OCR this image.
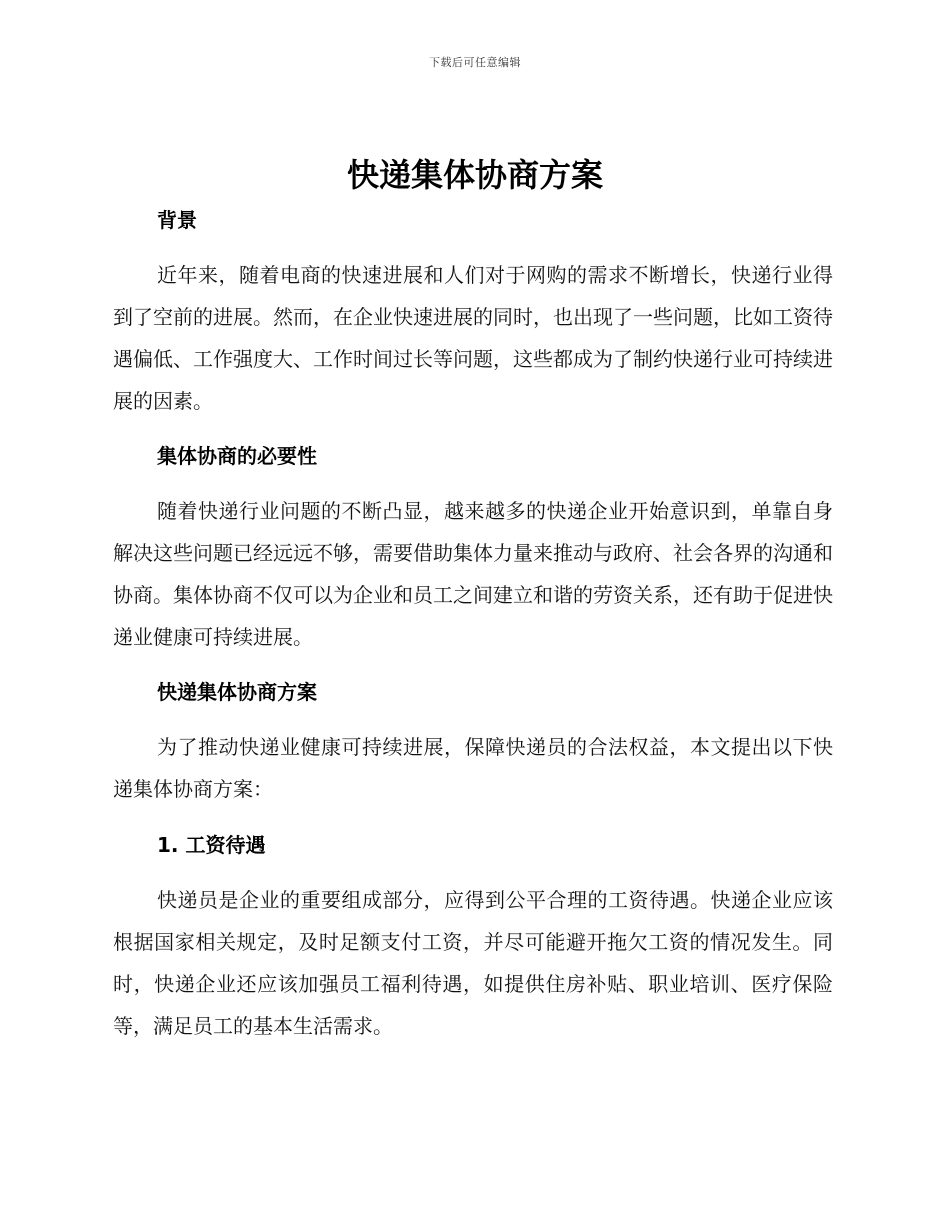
下载后可任意编辑
快递集体协商方案
背景

近年来，随着电商的快速进展和人们对于网购的需求不断增长，快递行业得到了空前的进展。然而，在企业快速进展的同时，也出现了一些问题，比如工资待遇偏低、工作强度大、工作时间过长等问题，这些都成为了制约快递行业可持续进展的因素。

集体协商的必要性

随着快递行业问题的不断凸显，越来越多的快递企业开始意识到，单靠自身解决这些问题已经远远不够，需要借助集体力量来推动与政府、社会各界的沟通和协商。集体协商不仅可以为企业和员工之间建立和谐的劳资关系，还有助于促进快递业健康可持续进展。

快递集体协商方案

为了推动快递业健康可持续进展，保障快递员的合法权益，本文提出以下快递集体协商方案：

1. 工资待遇

快递员是企业的重要组成部分，应得到公平合理的工资待遇。快递企业应该根据国家相关规定，及时足额支付工资，并尽可能避开拖欠工资的情况发生。同时，快递企业还应该加强员工福利待遇，如提供住房补贴、职业培训、医疗保险等，满足员工的基本生活需求。
